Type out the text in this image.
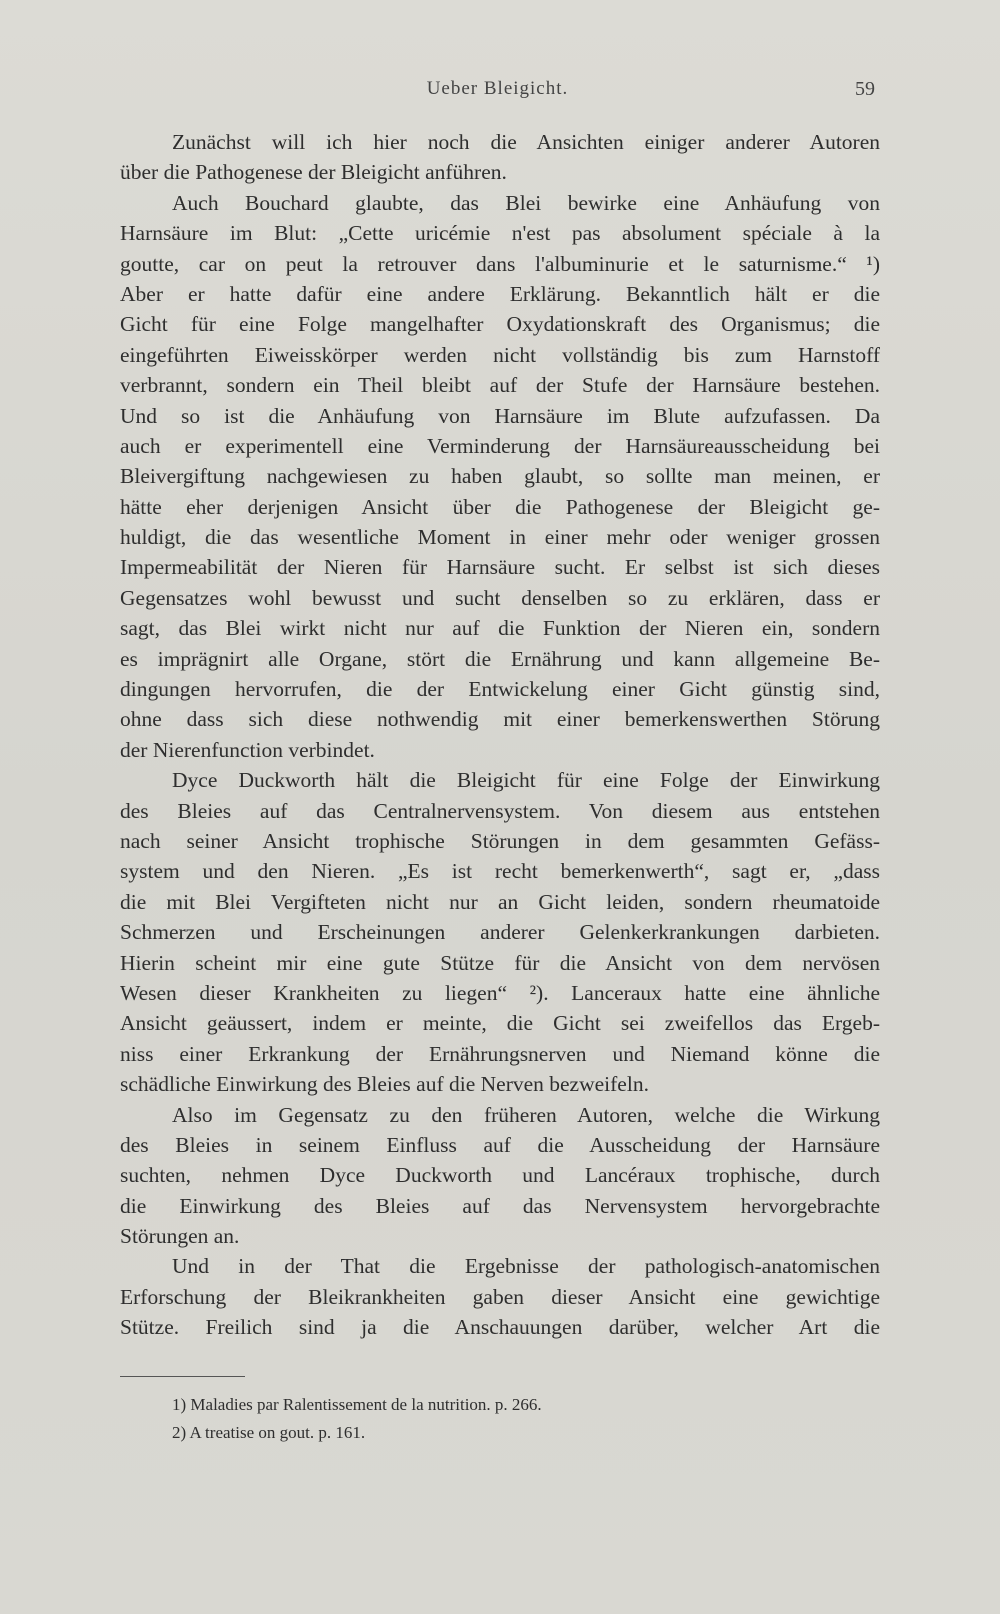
Ueber Bleigicht.	59
Zunächst will ich hier noch die Ansichten einiger anderer Autoren
über die Pathogenese der Bleigicht anführen.
Auch Bouchard glaubte, das Blei bewirke eine Anhäufung von
Harnsäure im Blut: „Cette uricémie n'est pas absolument spéciale à la
goutte, car on peut la retrouver dans l'albuminurie et le saturnisme.“ ¹)
Aber er hatte dafür eine andere Erklärung. Bekanntlich hält er die
Gicht für eine Folge mangelhafter Oxydationskraft des Organismus; die
eingeführten Eiweisskörper werden nicht vollständig bis zum Harnstoff
verbrannt, sondern ein Theil bleibt auf der Stufe der Harnsäure bestehen.
Und so ist die Anhäufung von Harnsäure im Blute aufzufassen. Da
auch er experimentell eine Verminderung der Harnsäureausscheidung bei
Bleivergiftung nachgewiesen zu haben glaubt, so sollte man meinen, er
hätte eher derjenigen Ansicht über die Pathogenese der Bleigicht ge-
huldigt, die das wesentliche Moment in einer mehr oder weniger grossen
Impermeabilität der Nieren für Harnsäure sucht. Er selbst ist sich dieses
Gegensatzes wohl bewusst und sucht denselben so zu erklären, dass er
sagt, das Blei wirkt nicht nur auf die Funktion der Nieren ein, sondern
es imprägnirt alle Organe, stört die Ernährung und kann allgemeine Be-
dingungen hervorrufen, die der Entwickelung einer Gicht günstig sind,
ohne dass sich diese nothwendig mit einer bemerkenswerthen Störung
der Nierenfunction verbindet.
Dyce Duckworth hält die Bleigicht für eine Folge der Einwirkung
des Bleies auf das Centralnervensystem. Von diesem aus entstehen
nach seiner Ansicht trophische Störungen in dem gesammten Gefäss-
system und den Nieren. „Es ist recht bemerkenwerth“, sagt er, „dass
die mit Blei Vergifteten nicht nur an Gicht leiden, sondern rheumatoide
Schmerzen und Erscheinungen anderer Gelenkerkrankungen darbieten.
Hierin scheint mir eine gute Stütze für die Ansicht von dem nervösen
Wesen dieser Krankheiten zu liegen“ ²). Lanceraux hatte eine ähnliche
Ansicht geäussert, indem er meinte, die Gicht sei zweifellos das Ergeb-
niss einer Erkrankung der Ernährungsnerven und Niemand könne die
schädliche Einwirkung des Bleies auf die Nerven bezweifeln.
Also im Gegensatz zu den früheren Autoren, welche die Wirkung
des Bleies in seinem Einfluss auf die Ausscheidung der Harnsäure
suchten, nehmen Dyce Duckworth und Lancéraux trophische, durch
die Einwirkung des Bleies auf das Nervensystem hervorgebrachte
Störungen an.
Und in der That die Ergebnisse der pathologisch-anatomischen
Erforschung der Bleikrankheiten gaben dieser Ansicht eine gewichtige
Stütze. Freilich sind ja die Anschauungen darüber, welcher Art die
1) Maladies par Ralentissement de la nutrition. p. 266.
2) A treatise on gout. p. 161.
